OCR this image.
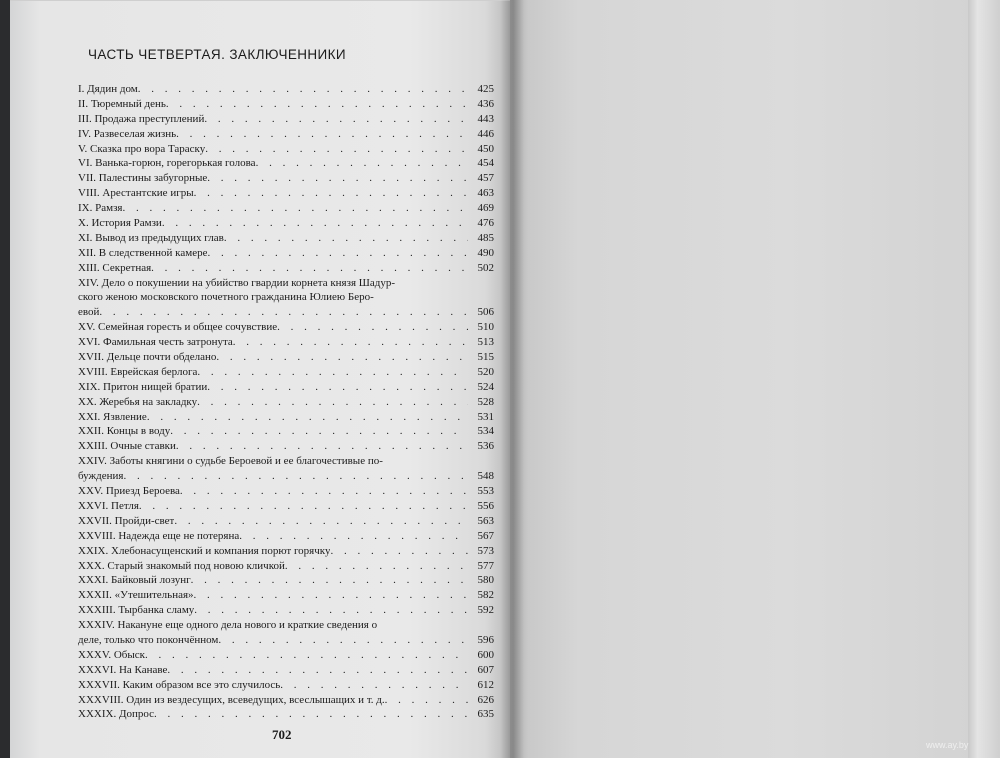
ЧАСТЬ ЧЕТВЕРТАЯ. ЗАКЛЮЧЕННИКИ
I. Дядин дом . . .	425
II. Тюремный день . . .	436
III. Продажа преступлений . . .	443
IV. Развеселая жизнь . . .	446
V. Сказка про вора Тараску . . .	450
VI. Ванька-горюн, горегорькая голова . . .	454
VII. Палестины забугорные . . .	457
VIII. Арестантские игры . . .	463
IX. Рамзя . . .	469
X. История Рамзи . . .	476
XI. Вывод из предыдущих глав . . .	485
XII. В следственной камере . . .	490
XIII. Секретная . . .	502
XIV. Дело о покушении на убийство гвардии корнета князя Шадур-
ского женою московского почетного гражданина Юлиею Беро-
евой . . .	506
XV. Семейная горесть и общее сочувствие . . .	510
XVI. Фамильная честь затронута . . .	513
XVII. Дельце почти обделано . . .	515
XVIII. Еврейская берлога . . .	520
XIX. Притон нищей братии . . .	524
XX. Жеребья на закладку . . .	528
XXI. Язвление . . .	531
XXII. Концы в воду . . .	534
XXIII. Очные ставки . . .	536
XXIV. Заботы княгини о судьбе Бероевой и ее благочестивые по-
буждения . . .	548
XXV. Приезд Бероева . . .	553
XXVI. Петля . . .	556
XXVII. Пройди-свет . . .	563
XXVIII. Надежда еще не потеряна . . .	567
XXIX. Хлебонасущенский и компания порют горячку . . .	573
XXX. Старый знакомый под новою кличкой . . .	577
XXXI. Байковый лозунг . . .	580
XXXII. «Утешительная» . . .	582
XXXIII. Тырбанка сламу . . .	592
XXXIV. Накануне еще одного дела нового и краткие сведения о
деле, только что покончённом . . .	596
XXXV. Обыск . . .	600
XXXVI. На Канаве . . .	607
XXXVII. Каким образом все это случилось . . .	612
XXXVIII. Один из вездесущих, всеведущих, всеслышащих и т. д. . . .	626
XXXIX. Допрос . . .	635
702
www.ay.by
